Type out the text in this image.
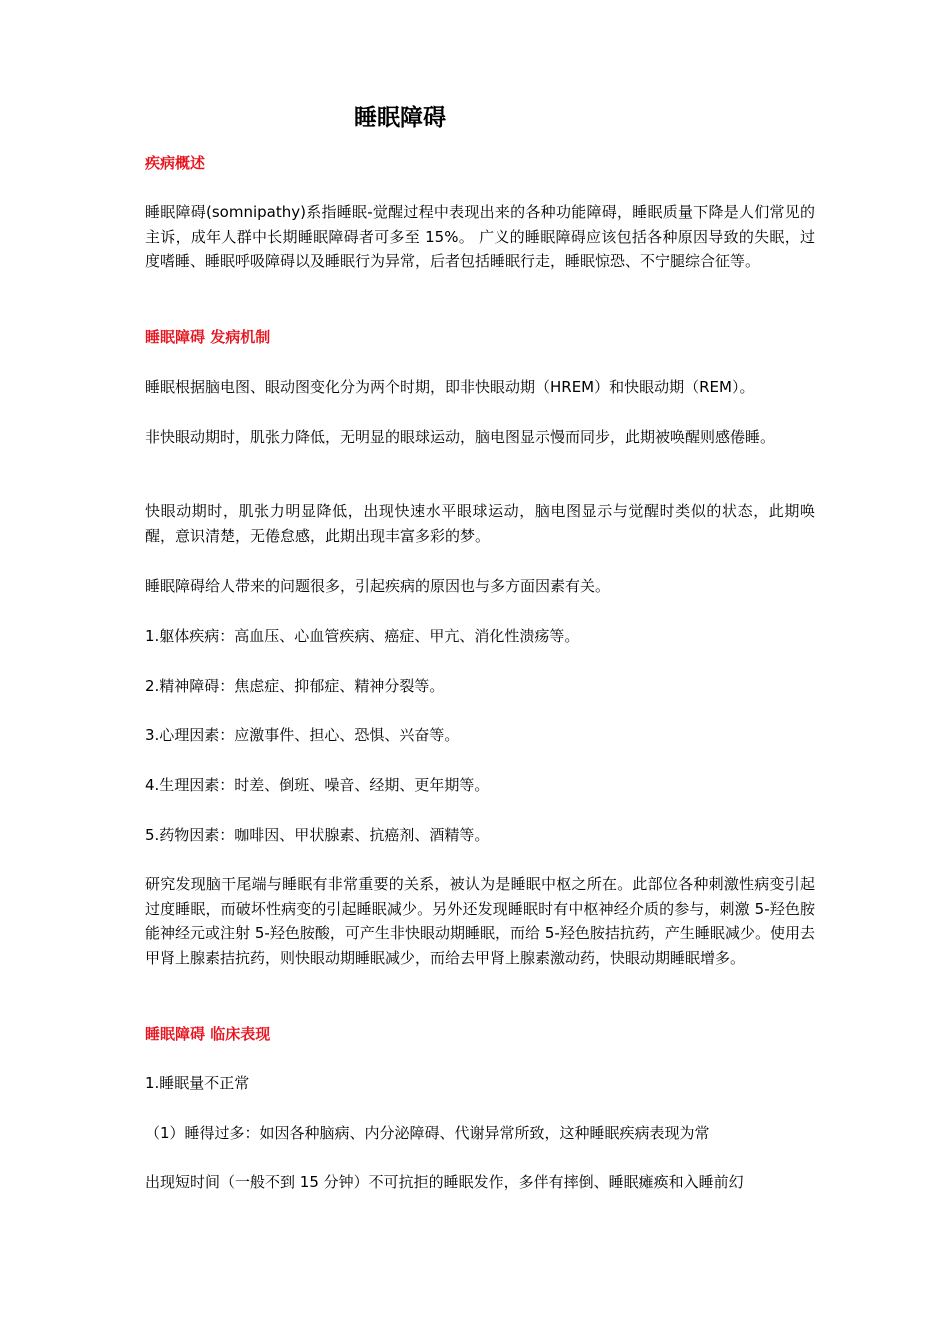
睡眠障碍
疾病概述
睡眠障碍(somnipathy)系指睡眠-觉醒过程中表现出来的各种功能障碍，睡眠质量下降是人们常见的主诉，成年人群中长期睡眠障碍者可多至 15%。 广义的睡眠障碍应该包括各种原因导致的失眠，过度嗜睡、睡眠呼吸障碍以及睡眠行为异常，后者包括睡眠行走，睡眠惊恐、不宁腿综合征等。
睡眠障碍 发病机制
睡眠根据脑电图、眼动图变化分为两个时期，即非快眼动期（HREM）和快眼动期（REM）。
非快眼动期时，肌张力降低，无明显的眼球运动，脑电图显示慢而同步，此期被唤醒则感倦睡。
快眼动期时，肌张力明显降低，出现快速水平眼球运动，脑电图显示与觉醒时类似的状态，此期唤醒，意识清楚，无倦怠感，此期出现丰富多彩的梦。
睡眠障碍给人带来的问题很多，引起疾病的原因也与多方面因素有关。
1.躯体疾病：高血压、心血管疾病、癌症、甲亢、消化性溃疡等。
2.精神障碍：焦虑症、抑郁症、精神分裂等。
3.心理因素：应激事件、担心、恐惧、兴奋等。
4.生理因素：时差、倒班、噪音、经期、更年期等。
5.药物因素：咖啡因、甲状腺素、抗癌剂、酒精等。
研究发现脑干尾端与睡眠有非常重要的关系，被认为是睡眠中枢之所在。此部位各种刺激性病变引起过度睡眠，而破坏性病变的引起睡眠减少。另外还发现睡眠时有中枢神经介质的参与，刺激 5-羟色胺能神经元或注射 5-羟色胺酸，可产生非快眼动期睡眠，而给 5-羟色胺拮抗药，产生睡眠减少。使用去甲肾上腺素拮抗药，则快眼动期睡眠减少，而给去甲肾上腺素激动药，快眼动期睡眠增多。
睡眠障碍 临床表现
1.睡眠量不正常
（1）睡得过多：如因各种脑病、内分泌障碍、代谢异常所致，这种睡眠疾病表现为常
出现短时间（一般不到 15 分钟）不可抗拒的睡眠发作，多伴有摔倒、睡眠瘫痪和入睡前幻
